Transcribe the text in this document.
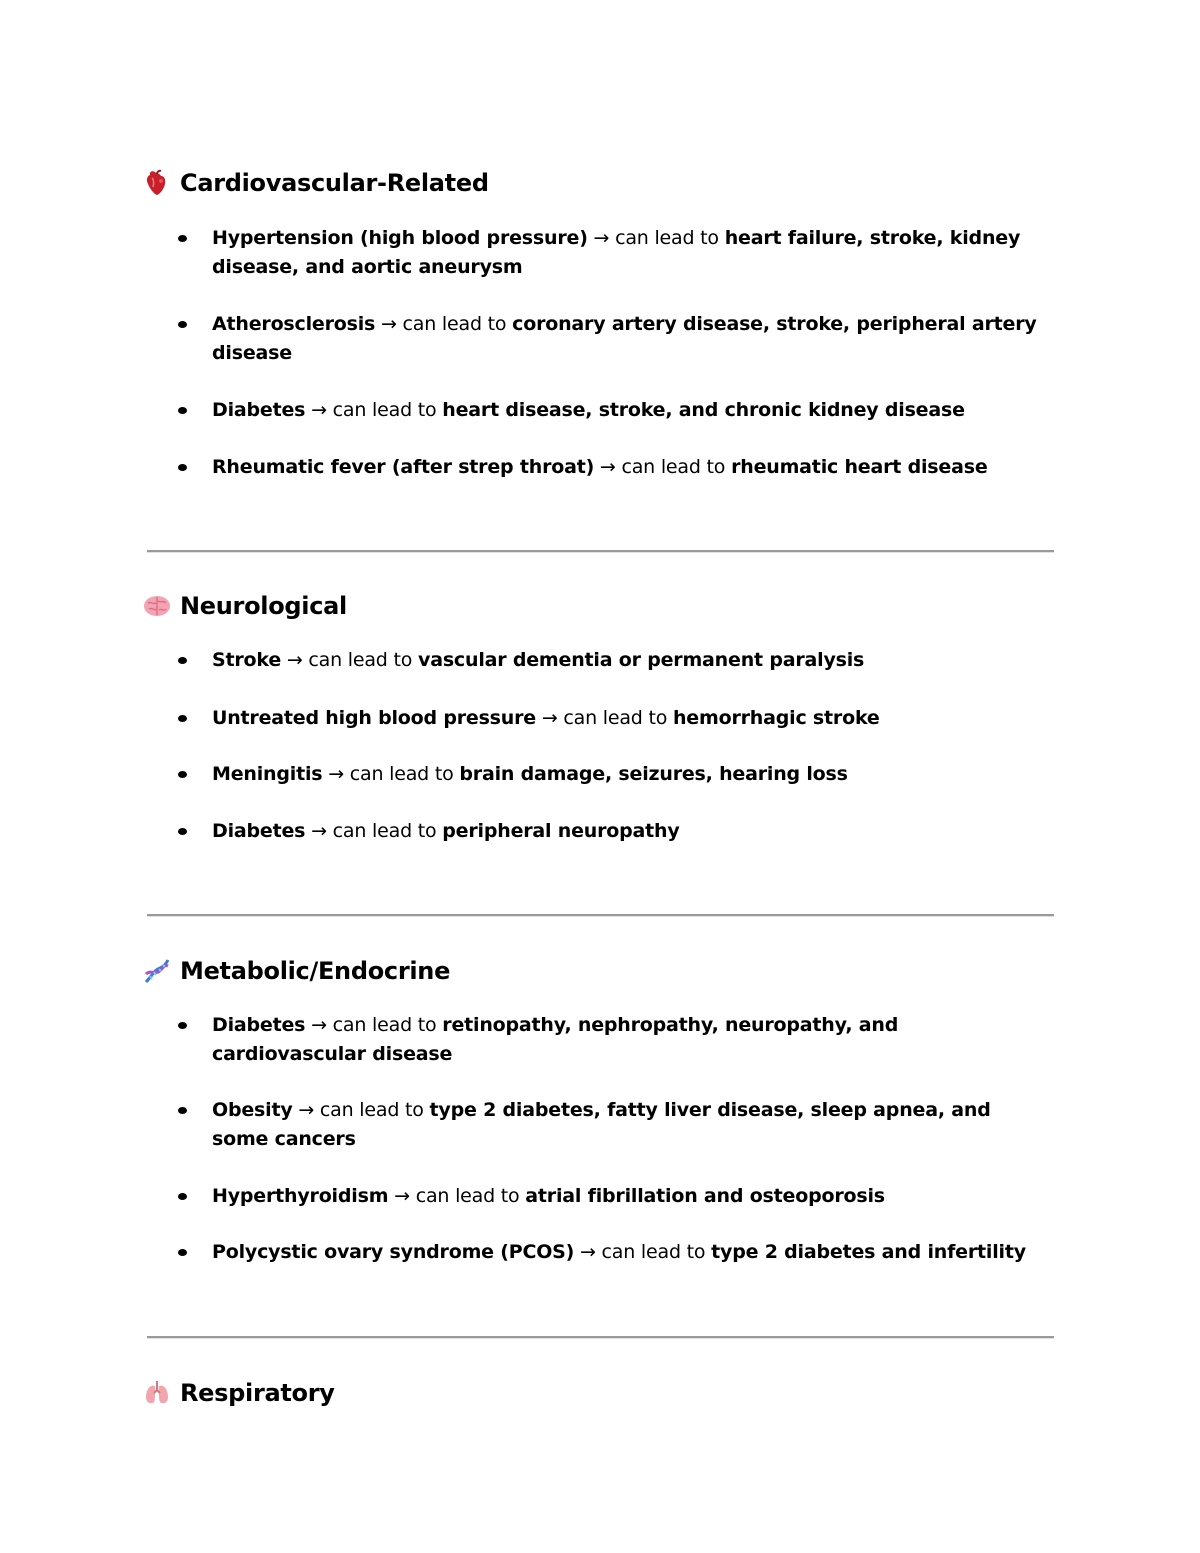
Cardiovascular-Related
Hypertension (high blood pressure) → can lead to heart failure, stroke, kidney disease, and aortic aneurysm
Atherosclerosis → can lead to coronary artery disease, stroke, peripheral artery disease
Diabetes → can lead to heart disease, stroke, and chronic kidney disease
Rheumatic fever (after strep throat) → can lead to rheumatic heart disease
Neurological
Stroke → can lead to vascular dementia or permanent paralysis
Untreated high blood pressure → can lead to hemorrhagic stroke
Meningitis → can lead to brain damage, seizures, hearing loss
Diabetes → can lead to peripheral neuropathy
Metabolic/Endocrine
Diabetes → can lead to retinopathy, nephropathy, neuropathy, and cardiovascular disease
Obesity → can lead to type 2 diabetes, fatty liver disease, sleep apnea, and some cancers
Hyperthyroidism → can lead to atrial fibrillation and osteoporosis
Polycystic ovary syndrome (PCOS) → can lead to type 2 diabetes and infertility
Respiratory
